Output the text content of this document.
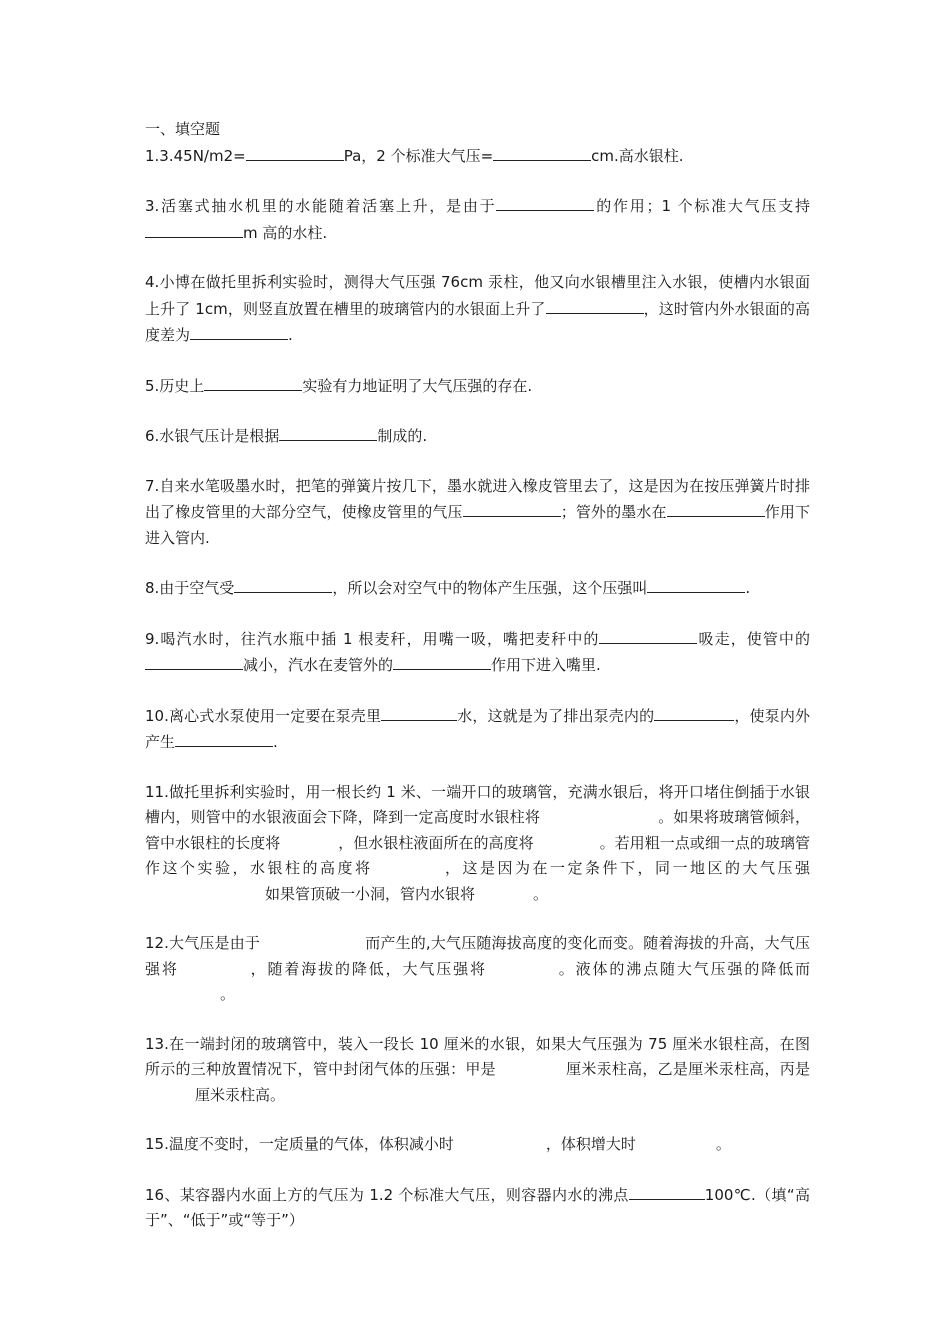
一、填空题

1.3.45N/m2=	Pa，2 个标准大气压=	cm.高水银柱.

3.活塞式抽水机里的水能随着活塞上升，是由于	的作用；1 个标准大气压支持m 高的水柱.

4.小博在做托里拆利实验时，测得大气压强 76cm 汞柱，他又向水银槽里注入水银，使槽内水银面上升了 1cm，则竖直放置在槽里的玻璃管内的水银面上升了	，这时管内外水银面的高度差为	.

5.历史上	实验有力地证明了大气压强的存在.

6.水银气压计是根据	制成的.

7.自来水笔吸墨水时，把笔的弹簧片按几下，墨水就进入橡皮管里去了，这是因为在按压弹簧片时排出了橡皮管里的大部分空气，使橡皮管里的气压	；管外的墨水在	作用下进入管内.

8.由于空气受	，所以会对空气中的物体产生压强，这个压强叫	.

9.喝汽水时，往汽水瓶中插 1 根麦秆，用嘴一吸，嘴把麦秆中的	吸走，使管中的减小，汽水在麦管外的	作用下进入嘴里.

10.离心式水泵使用一定要在泵壳里	水，这就是为了排出泵壳内的	，使泵内外产生	.

11.做托里拆利实验时，用一根长约 1 米、一端开口的玻璃管，充满水银后，将开口堵住倒插于水银槽内，则管中的水银液面会下降，降到一定高度时水银柱将	。如果将玻璃管倾斜，管中水银柱的长度将	，但水银柱液面所在的高度将	。若用粗一点或细一点的玻璃管作这个实验，水银柱的高度将	，这是因为在一定条件下，同一地区的大气压强如果管顶破一小洞，管内水银将	。

12.大气压是由于	而产生的,大气压随海拔高度的变化而变。随着海拔的升高，大气压强将	，随着海拔的降低，大气压强将	。液体的沸点随大气压强的降低而。

13.在一端封闭的玻璃管中，装入一段长 10 厘米的水银，如果大气压强为 75 厘米水银柱高，在图所示的三种放置情况下，管中封闭气体的压强：甲是	厘米汞柱高，乙是厘米汞柱高，丙是厘米汞柱高。

15.温度不变时，一定质量的气体，体积减小时	，体积增大时	。

16、某容器内水面上方的气压为 1.2 个标准大气压，则容器内水的沸点	100℃.（填“高于”、“低于”或“等于”）
